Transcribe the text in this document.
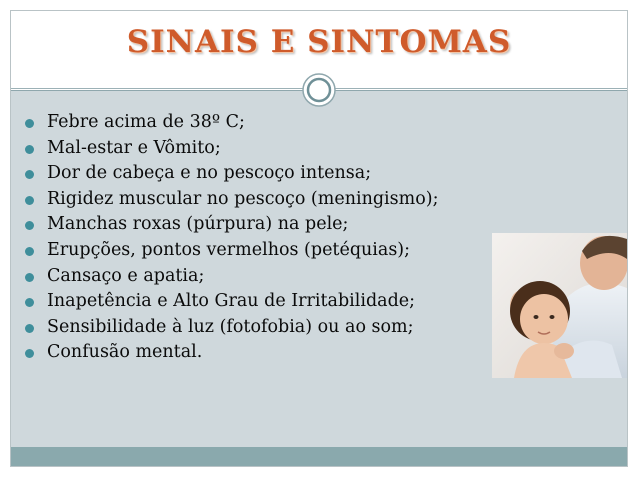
SINAIS E SINTOMAS
Febre acima de 38º C;
Mal-estar e Vômito;
Dor de cabeça e no pescoço intensa;
Rigidez muscular no pescoço (meningismo);
Manchas roxas (púrpura) na pele;
Erupções, pontos vermelhos (petéquias);
Cansaço e apatia;
Inapetência e Alto Grau de Irritabilidade;
Sensibilidade à luz (fotofobia) ou ao som;
Confusão mental.
